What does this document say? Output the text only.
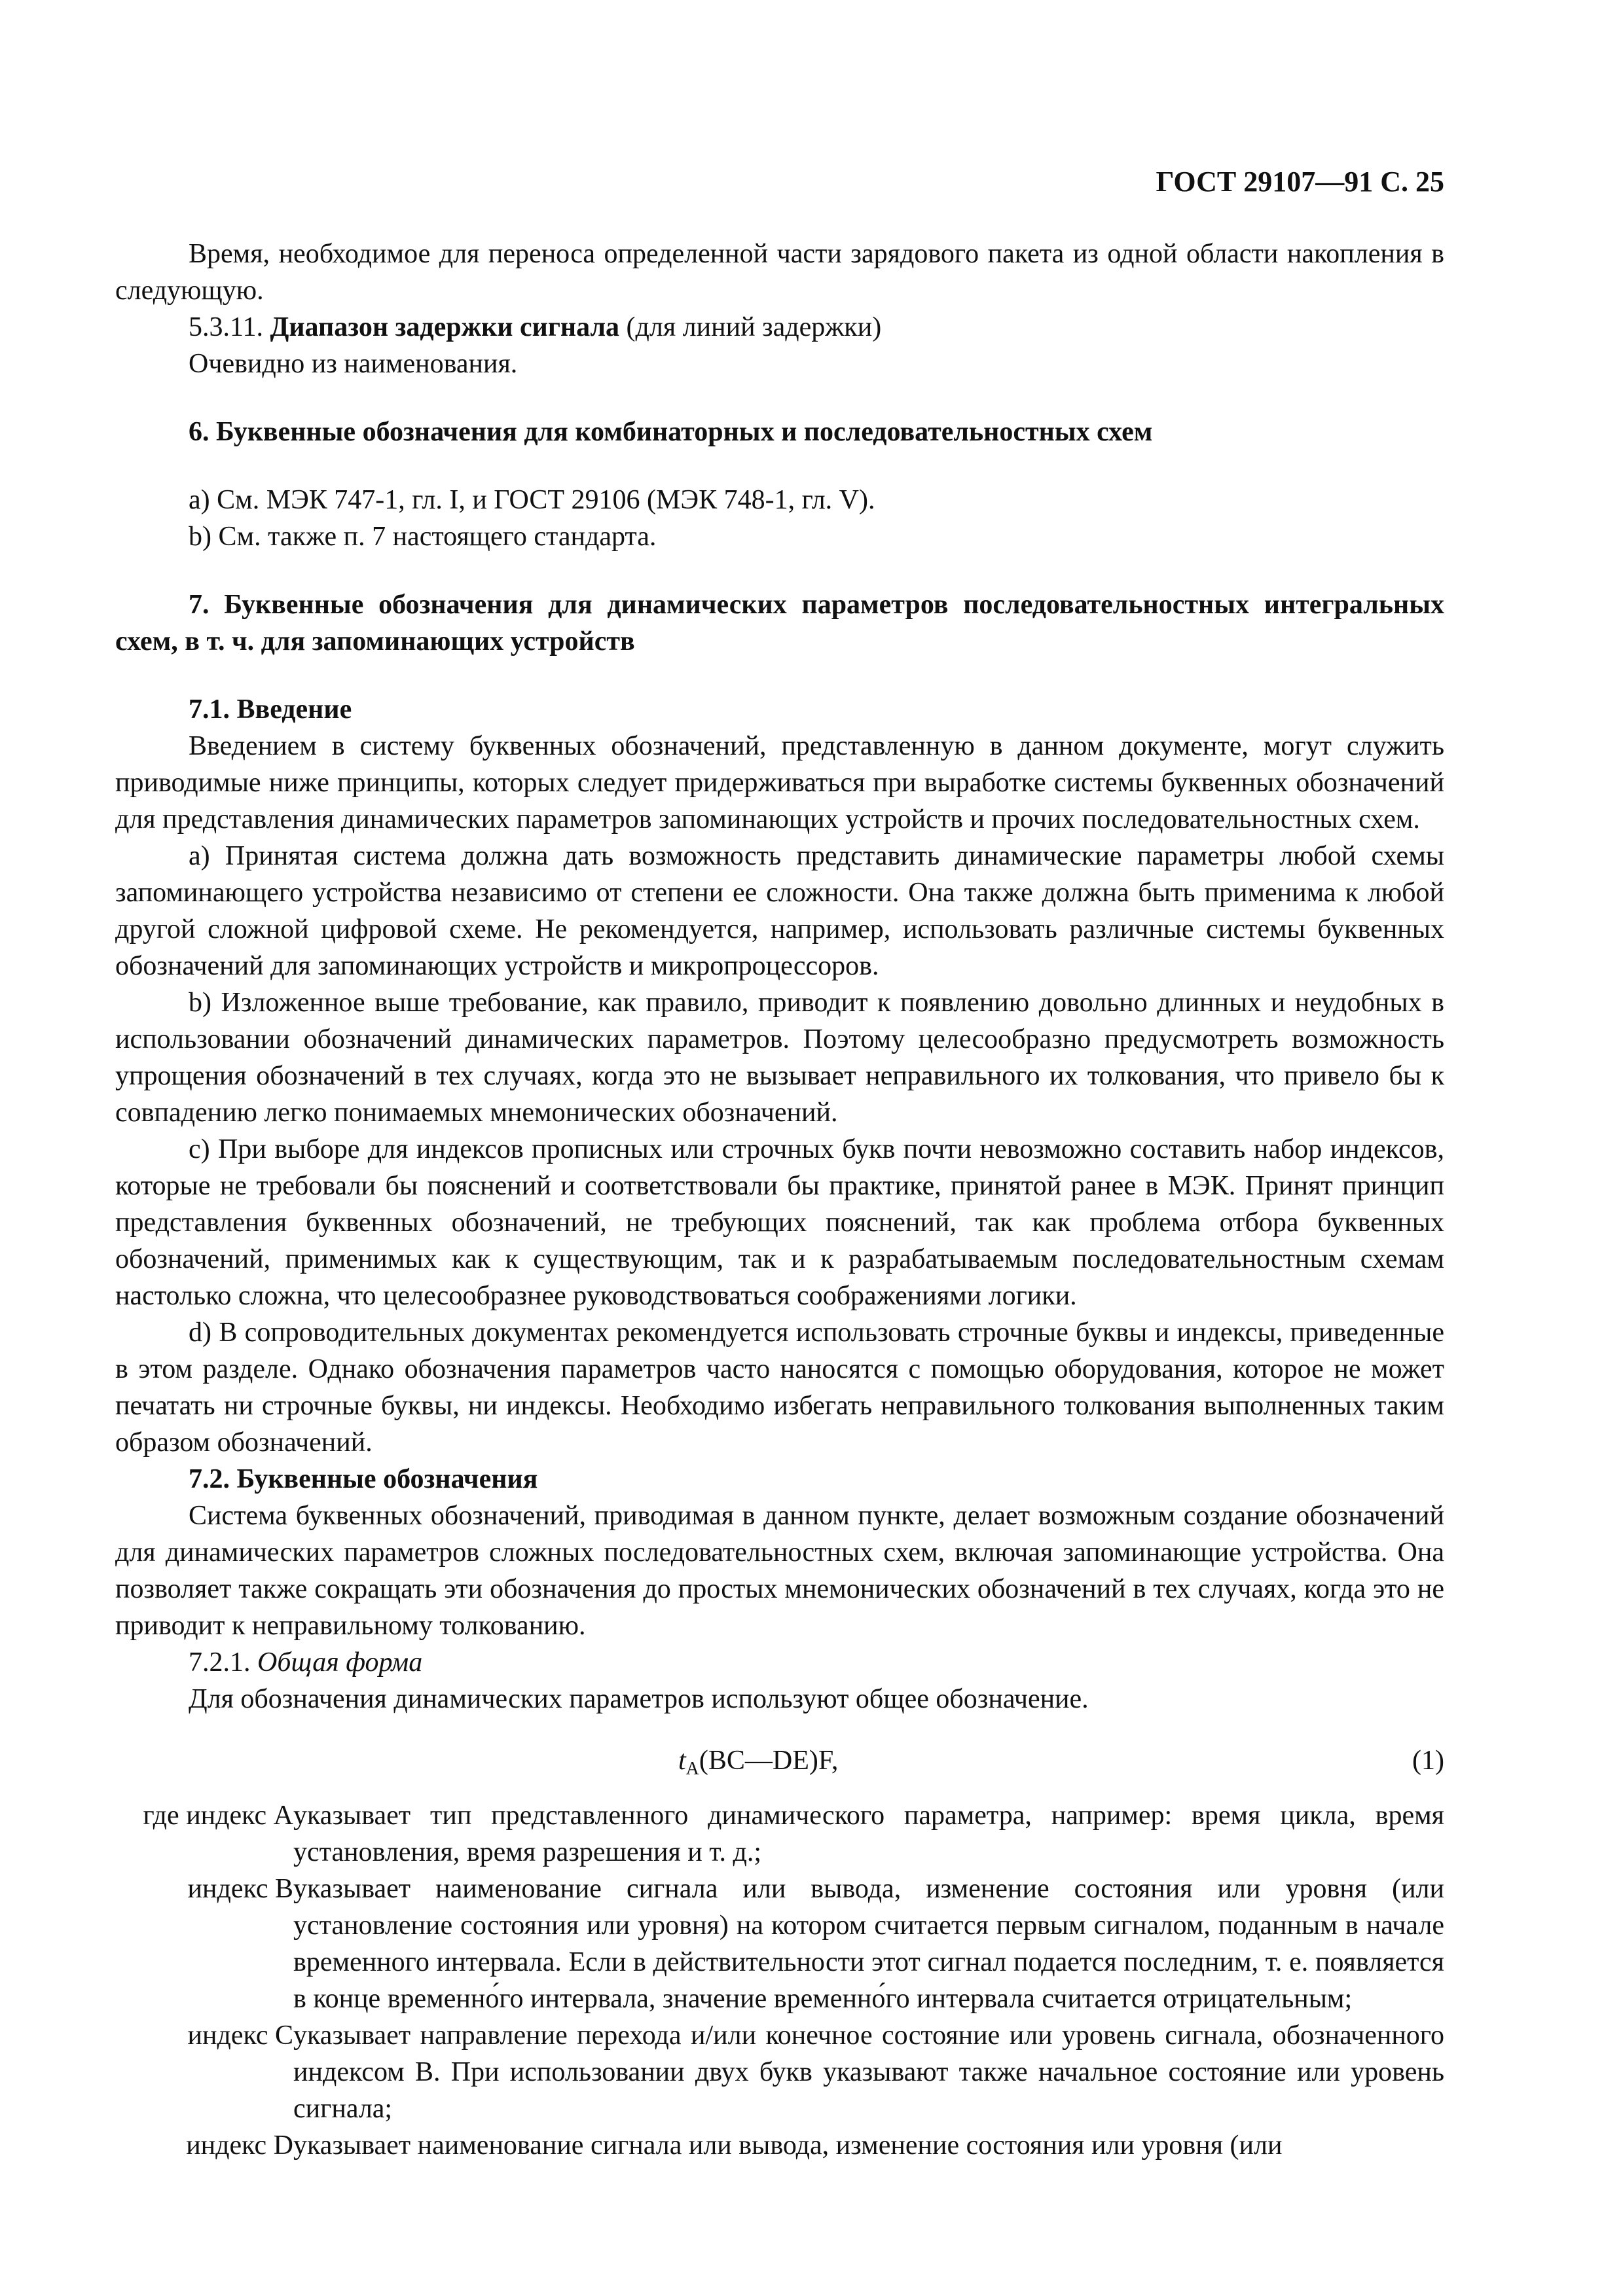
ГОСТ 29107—91 С. 25

Время, необходимое для переноса определенной части зарядового пакета из одной области накопления в следующую.

5.3.11. Диапазон задержки сигнала (для линий задержки)

Очевидно из наименования.

6. Буквенные обозначения для комбинаторных и последовательностных схем

a) См. МЭК 747-1, гл. I, и ГОСТ 29106 (МЭК 748-1, гл. V).

b) См. также п. 7 настоящего стандарта.

7. Буквенные обозначения для динамических параметров последовательностных интегральных схем, в т. ч. для запоминающих устройств

7.1. Введение

Введением в систему буквенных обозначений, представленную в данном документе, могут служить приводимые ниже принципы, которых следует придерживаться при выработке системы буквенных обозначений для представления динамических параметров запоминающих устройств и прочих последовательностных схем.

a) Принятая система должна дать возможность представить динамические параметры любой схемы запоминающего устройства независимо от степени ее сложности. Она также должна быть применима к любой другой сложной цифровой схеме. Не рекомендуется, например, использовать различные системы буквенных обозначений для запоминающих устройств и микропроцессоров.

b) Изложенное выше требование, как правило, приводит к появлению довольно длинных и неудобных в использовании обозначений динамических параметров. Поэтому целесообразно предусмотреть возможность упрощения обозначений в тех случаях, когда это не вызывает неправильного их толкования, что привело бы к совпадению легко понимаемых мнемонических обозначений.

c) При выборе для индексов прописных или строчных букв почти невозможно составить набор индексов, которые не требовали бы пояснений и соответствовали бы практике, принятой ранее в МЭК. Принят принцип представления буквенных обозначений, не требующих пояснений, так как проблема отбора буквенных обозначений, применимых как к существующим, так и к разрабатываемым последовательностным схемам настолько сложна, что целесообразнее руководствоваться соображениями логики.

d) В сопроводительных документах рекомендуется использовать строчные буквы и индексы, приведенные в этом разделе. Однако обозначения параметров часто наносятся с помощью оборудования, которое не может печатать ни строчные буквы, ни индексы. Необходимо избегать неправильного толкования выполненных таким образом обозначений.

7.2. Буквенные обозначения

Система буквенных обозначений, приводимая в данном пункте, делает возможным создание обозначений для динамических параметров сложных последовательностных схем, включая запоминающие устройства. Она позволяет также сокращать эти обозначения до простых мнемонических обозначений в тех случаях, когда это не приводит к неправильному толкованию.

7.2.1. Общая форма

Для обозначения динамических параметров используют общее обозначение.

$t_A(BC—DE)F$,	(1)
где индекс A указывает тип представленного динамического параметра, например: время цикла, время установления, время разрешения и т. д.;
индекс B указывает наименование сигнала или вывода, изменение состояния или уровня (или установление состояния или уровня) на котором считается первым сигналом, поданным в начале временного интервала. Если в действительности этот сигнал подается последним, т. е. появляется в конце временно́го интервала, значение временно́го интервала считается отрицательным;
индекс C указывает направление перехода и/или конечное состояние или уровень сигнала, обозначенного индексом B. При использовании двух букв указывают также начальное состояние или уровень сигнала;
индекс D указывает наименование сигнала или вывода, изменение состояния или уровня (или
